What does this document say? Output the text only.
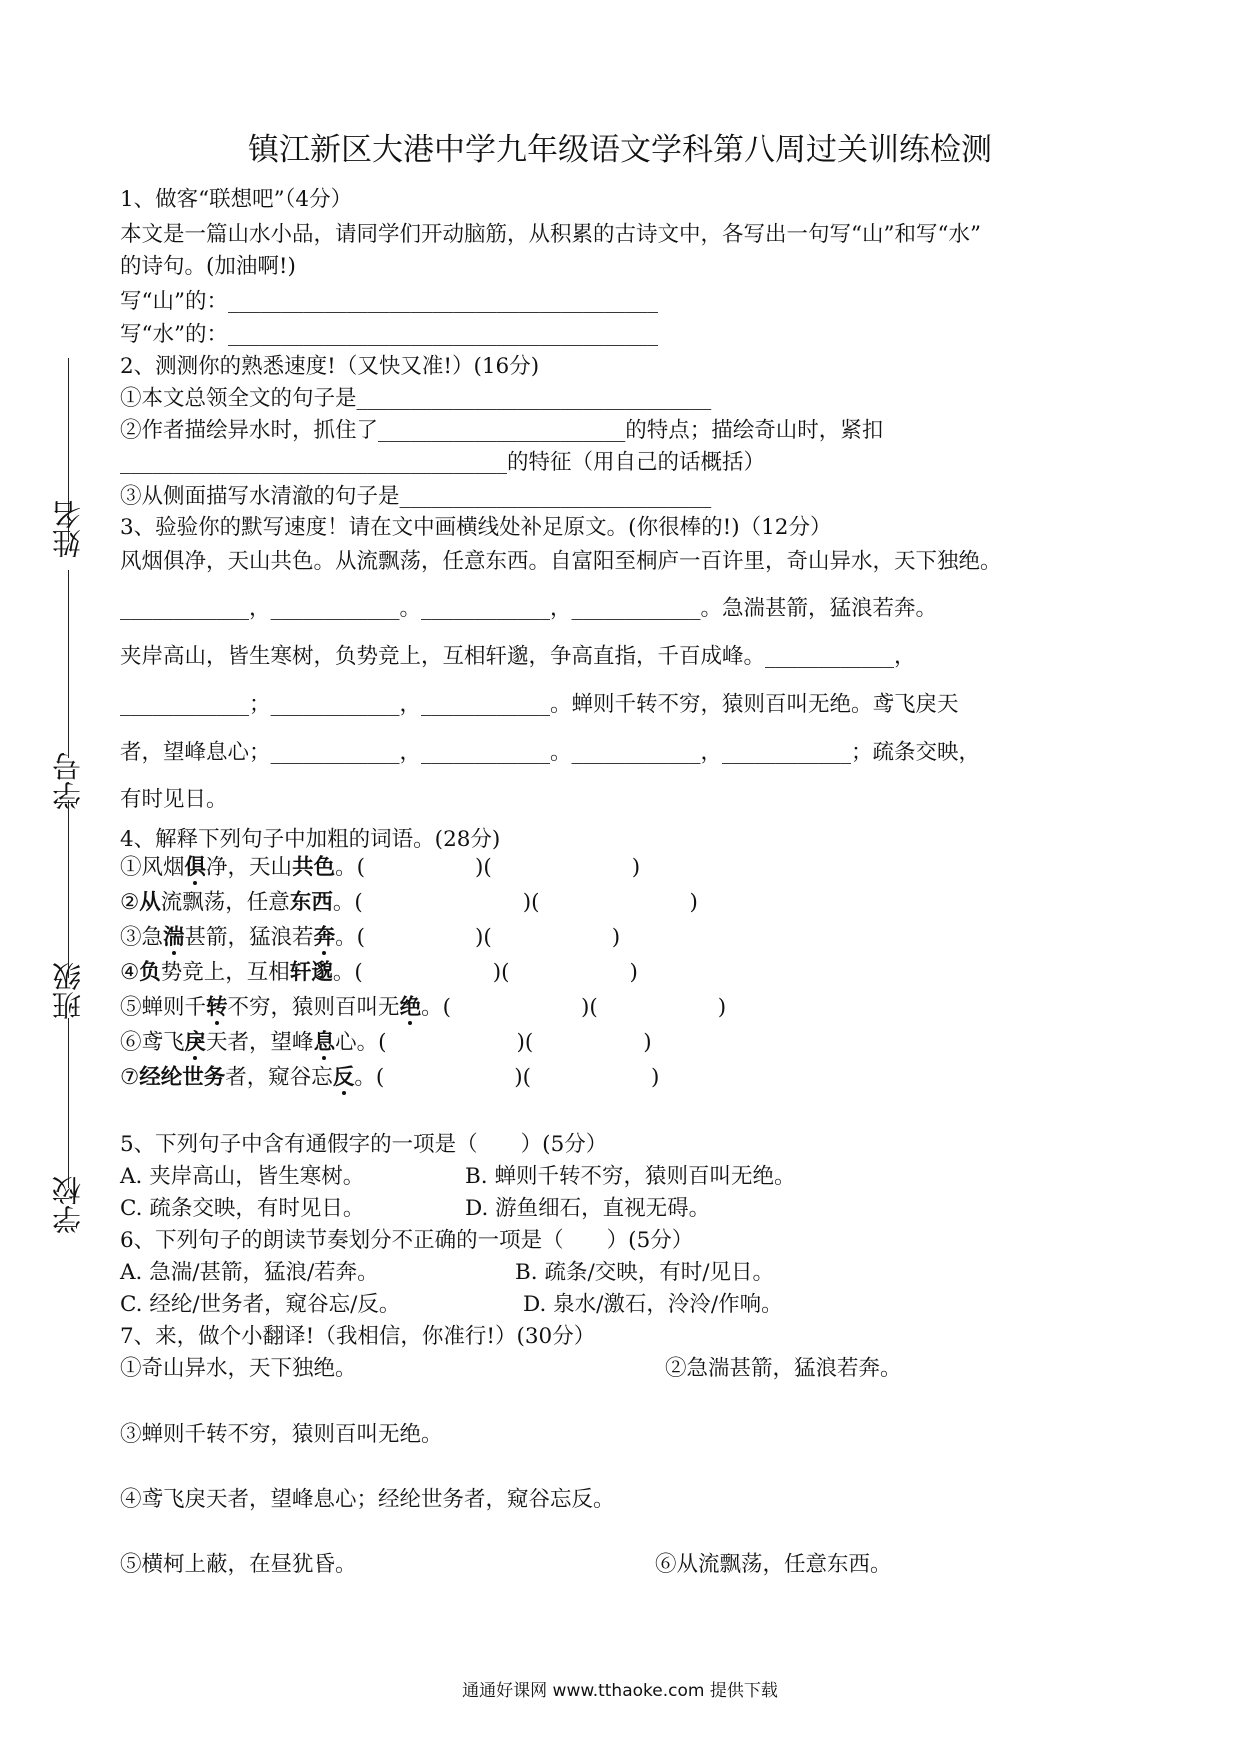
镇江新区大港中学九年级语文学科第八周过关训练检测
姓名
学号
班级
学校
1、做客“联想吧”（4分）
本文是一篇山水小品，请同学们开动脑筋，从积累的古诗文中，各写出一句写“山”和写“水”
的诗句。(加油啊!)
写“山”的：________________________________________
写“水”的：________________________________________
2、测测你的熟悉速度!（又快又准!）(16分)
①本文总领全文的句子是_________________________________
②作者描绘异水时，抓住了_______________________的特点；描绘奇山时，紧扣
____________________________________的特征（用自己的话概括）
③从侧面描写水清澈的句子是_____________________________
3、验验你的默写速度！请在文中画横线处补足原文。(你很棒的!)（12分）
风烟俱净，天山共色。从流飘荡，任意东西。自富阳至桐庐一百许里，奇山异水，天下独绝。
____________，____________。____________，____________。急湍甚箭，猛浪若奔。
夹岸高山，皆生寒树，负势竞上，互相轩邈，争高直指，千百成峰。____________，
____________；____________，____________。蝉则千转不穷，猿则百叫无绝。鸢飞戾天
者，望峰息心；____________，____________。____________，____________；疏条交映，
有时见日。
4、解释下列句子中加粗的词语。(28分)
①风烟俱净，天山共色。(	)(	)
②从流飘荡，任意东西。(	)(	)
③急湍甚箭，猛浪若奔。(	)(	)
④负势竞上，互相轩邈。(	)(	)
⑤蝉则千转不穷，猿则百叫无绝。(	)(	)
⑥鸢飞戾天者，望峰息心。(	)(	)
⑦经纶世务者，窥谷忘反。(	)(	)
5、下列句子中含有通假字的一项是（　　）(5分）
A. 夹岸高山，皆生寒树。	B. 蝉则千转不穷，猿则百叫无绝。
C. 疏条交映，有时见日。	D. 游鱼细石，直视无碍。
6、下列句子的朗读节奏划分不正确的一项是（　　）(5分）
A. 急湍/甚箭，猛浪/若奔。	B. 疏条/交映，有时/见日。
C. 经纶/世务者，窥谷忘/反。	D. 泉水/激石，泠泠/作响。
7、来，做个小翻译!（我相信，你准行!）(30分）
①奇山异水，天下独绝。	②急湍甚箭，猛浪若奔。
③蝉则千转不穷，猿则百叫无绝。
④鸢飞戾天者，望峰息心；经纶世务者，窥谷忘反。
⑤横柯上蔽，在昼犹昏。	⑥从流飘荡，任意东西。
通通好课网 www.tthaoke.com 提供下载
